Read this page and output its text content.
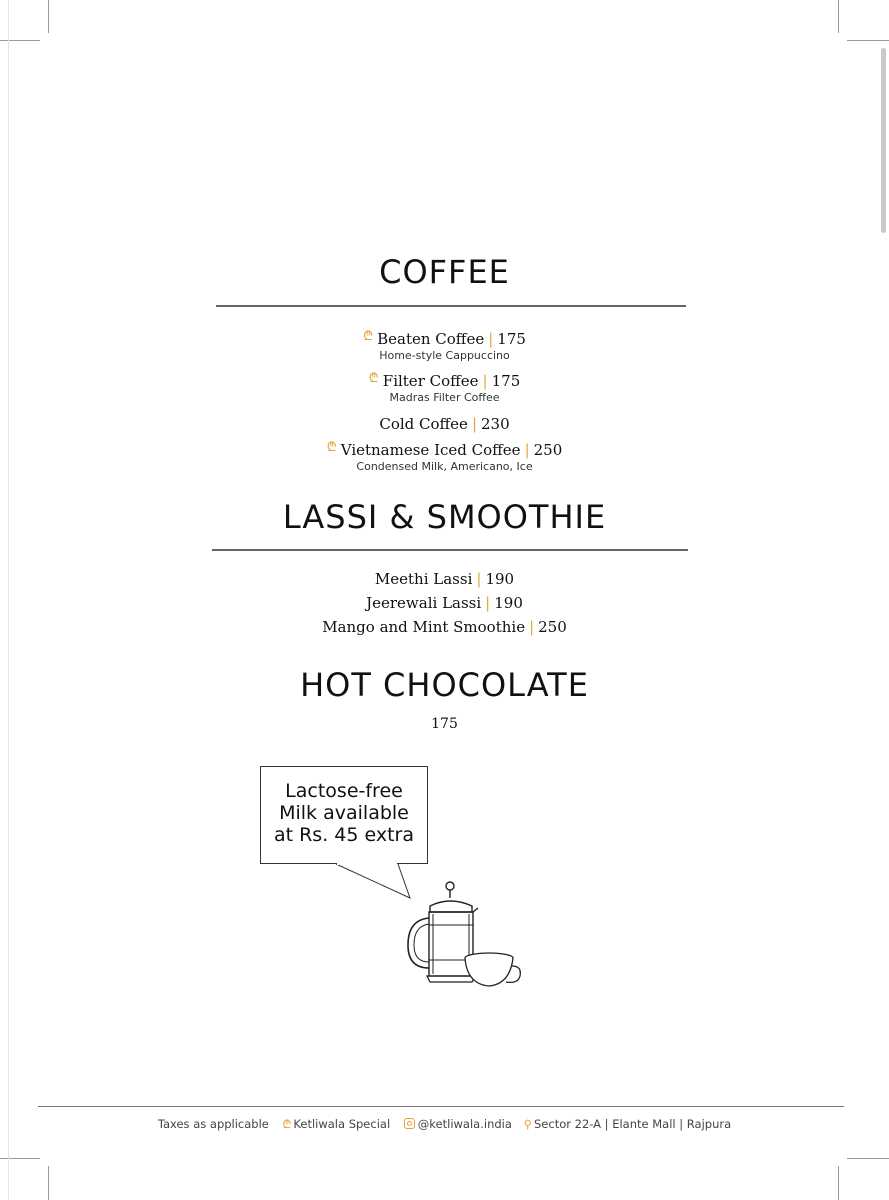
COFFEE
₾ Beaten Coffee | 175
Home-style Cappuccino
₾ Filter Coffee | 175
Madras Filter Coffee
Cold Coffee | 230
₾ Vietnamese Iced Coffee | 250
Condensed Milk, Americano, Ice
LASSI & SMOOTHIE
Meethi Lassi | 190
Jeerewali Lassi | 190
Mango and Mint Smoothie | 250
HOT CHOCOLATE
175
Lactose-free
Milk available
at Rs. 45 extra
Taxes as applicable ₾ Ketliwala Special @ketliwala.india ⚲ Sector 22-A | Elante Mall | Rajpura
